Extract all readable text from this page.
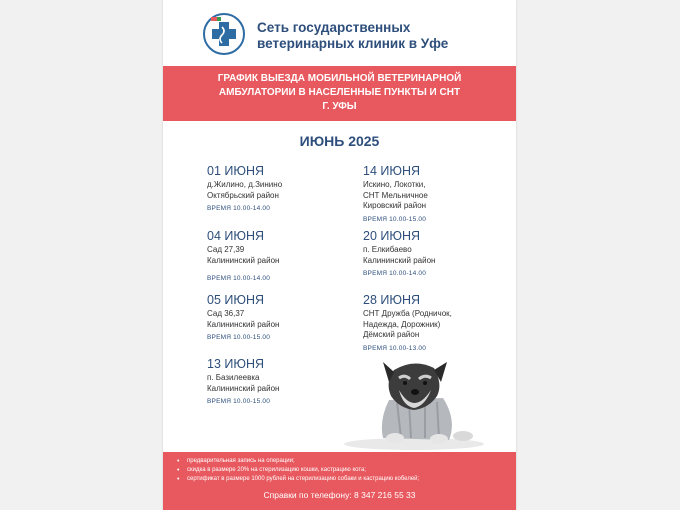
Сеть государственных
ветеринарных клиник в Уфе
ГРАФИК ВЫЕЗДА МОБИЛЬНОЙ ВЕТЕРИНАРНОЙ
АМБУЛАТОРИИ В НАСЕЛЕННЫЕ ПУНКТЫ И СНТ
Г. УФЫ
ИЮНЬ 2025
01 ИЮНЯ
д.Жилино, д.Зинино
Октябрьский район
ВРЕМЯ 10.00-14.00
04 ИЮНЯ
Сад 27,39
Калининский район
ВРЕМЯ 10.00-14.00
05 ИЮНЯ
Сад 36,37
Калининский район
ВРЕМЯ 10.00-15.00
13 ИЮНЯ
п. Базилеевка
Калининский район
ВРЕМЯ 10.00-15.00
14 ИЮНЯ
Искино, Локотки,
СНТ Мельничное
Кировский район
ВРЕМЯ 10.00-15.00
20 ИЮНЯ
п. Елкибаево
Калининский район
ВРЕМЯ 10.00-14.00
28 ИЮНЯ
СНТ Дружба (Родничок,
Надежда, Дорожник)
Дёмский район
ВРЕМЯ 10.00-13.00
• предварительная запись на операции;
• скидка в размере 20% на стерилизацию кошки, кастрацию кота;
• сертификат в размере 1000 рублей на стерилизацию собаки и кастрацию кобелей;
Справки по телефону: 8 347 216 55 33
